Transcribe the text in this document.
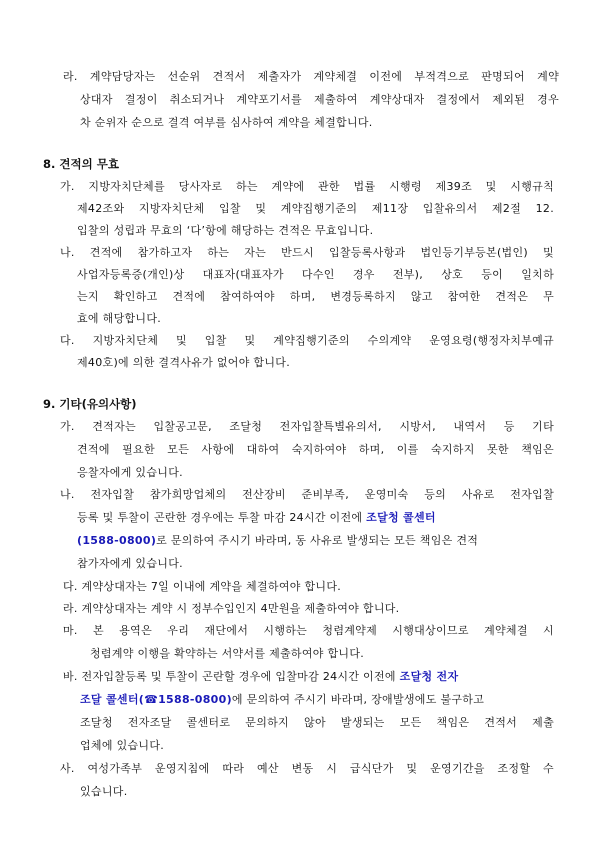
라. 계약담당자는 선순위 견적서 제출자가 계약체결 이전에 부적격으로 판명되어 계약
상대자 결정이 취소되거나 계약포기서를 제출하여 계약상대자 결정에서 제외된 경우
차 순위자 순으로 결격 여부를 심사하여 계약을 체결합니다.
8. 견적의 무효
가. 지방자치단체를 당사자로 하는 계약에 관한 법률 시행령 제39조 및 시행규칙
제42조와 지방자치단체 입찰 및 계약집행기준의 제11장 입찰유의서 제2절 12.
입찰의 성립과 무효의 ‘다’항에 해당하는 견적은 무효입니다.
나. 견적에 참가하고자 하는 자는 반드시 입찰등록사항과 법인등기부등본(법인) 및
사업자등록증(개인)상 대표자(대표자가 다수인 경우 전부), 상호 등이 일치하
는지 확인하고 견적에 참여하여야 하며, 변경등록하지 않고 참여한 견적은 무
효에 해당합니다.
다. 지방자치단체 및 입찰 및 계약집행기준의 수의계약 운영요령(행정자치부예규
제40호)에 의한 결격사유가 없어야 합니다.
9. 기타(유의사항)
가. 견적자는 입찰공고문, 조달청 전자입찰특별유의서, 시방서, 내역서 등 기타
견적에 필요한 모든 사항에 대하여 숙지하여야 하며, 이를 숙지하지 못한 책임은
응찰자에게 있습니다.
나. 전자입찰 참가희망업체의 전산장비 준비부족, 운영미숙 등의 사유로 전자입찰
등록 및 투찰이 곤란한 경우에는 투찰 마감 24시간 이전에 조달청 콜센터
(1588-0800)로 문의하여 주시기 바라며, 동 사유로 발생되는 모든 책임은 견적
참가자에게 있습니다.
다. 계약상대자는 7일 이내에 계약을 체결하여야 합니다.
라. 계약상대자는 계약 시 정부수입인지 4만원을 제출하여야 합니다.
마. 본 용역은 우리 재단에서 시행하는 청렴계약제 시행대상이므로 계약체결 시
청렴계약 이행을 확약하는 서약서를 제출하여야 합니다.
바. 전자입찰등록 및 투찰이 곤란할 경우에 입찰마감 24시간 이전에 조달청 전자
조달 콜센터(☎1588-0800)에 문의하여 주시기 바라며, 장애발생에도 불구하고
조달청 전자조달 콜센터로 문의하지 않아 발생되는 모든 책임은 견적서 제출
업체에 있습니다.
사. 여성가족부 운영지침에 따라 예산 변동 시 급식단가 및 운영기간을 조정할 수
있습니다.
